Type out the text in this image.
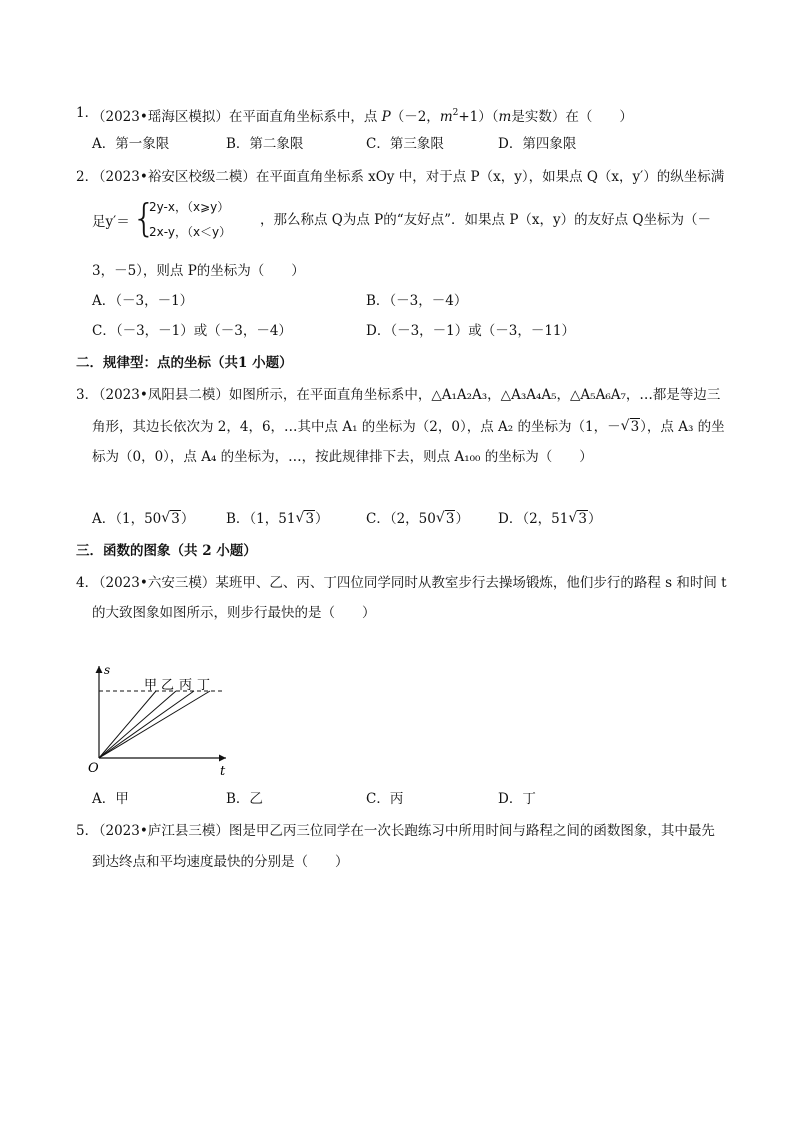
1．
（2023•瑶海区模拟）在平面直角坐标系中，点 P（－2，$m^2+1)(m$是实数）在（　　）
A．第一象限	B．第二象限	C．第三象限	D．第四象限
2．
（2023•裕安区校级二模）在平面直角坐标系 xOy 中，对于点 P（x，y），如果点 Q（x，y′）的纵坐标满
足y′＝ {
2y-x，（x⩾y）
2x-y，（x＜y）
，那么称点 Q为点 P的“友好点”．如果点 P（x，y）的友好点 Q坐标为（－
3，－5），则点 P的坐标为（　　）
A．（－3，－1）	B．（－3，－4）
C．（－3，－1）或（－3，－4）	D．（－3，－1）或（－3，－11）
二．规律型：点的坐标（共1 小题）
3．
（2023•凤阳县二模）如图所示，在平面直角坐标系中，△A₁A₂A₃，△A₃A₄A₅，△A₅A₆A₇，…都是等边三
角形，其边长依次为 2，4，6，…其中点 A₁ 的坐标为（2，0），点 A₂ 的坐标为（1，－ √ 3），点 A₃ 的坐
标为（0，0），点 A₄ 的坐标为，…，按此规律排下去，则点 A₁₀₀ 的坐标为（　　）
A．（1，50 √ 3） B．（1，51 √ 3）	C．（2，50 √ 3） D．（2，51 √ 3）
三．函数的图象（共 2 小题）
4．
（2023•六安三模）某班甲、乙、丙、丁四位同学同时从教室步行去操场锻炼，他们步行的路程 s 和时间 t
的大致图象如图所示，则步行最快的是（　　）
s
t
O
甲 乙 丙 丁
A．甲	B．乙	C．丙	D．丁
5．
（2023•庐江县三模）图是甲乙丙三位同学在一次长跑练习中所用时间与路程之间的函数图象，其中最先
到达终点和平均速度最快的分别是（　　）
